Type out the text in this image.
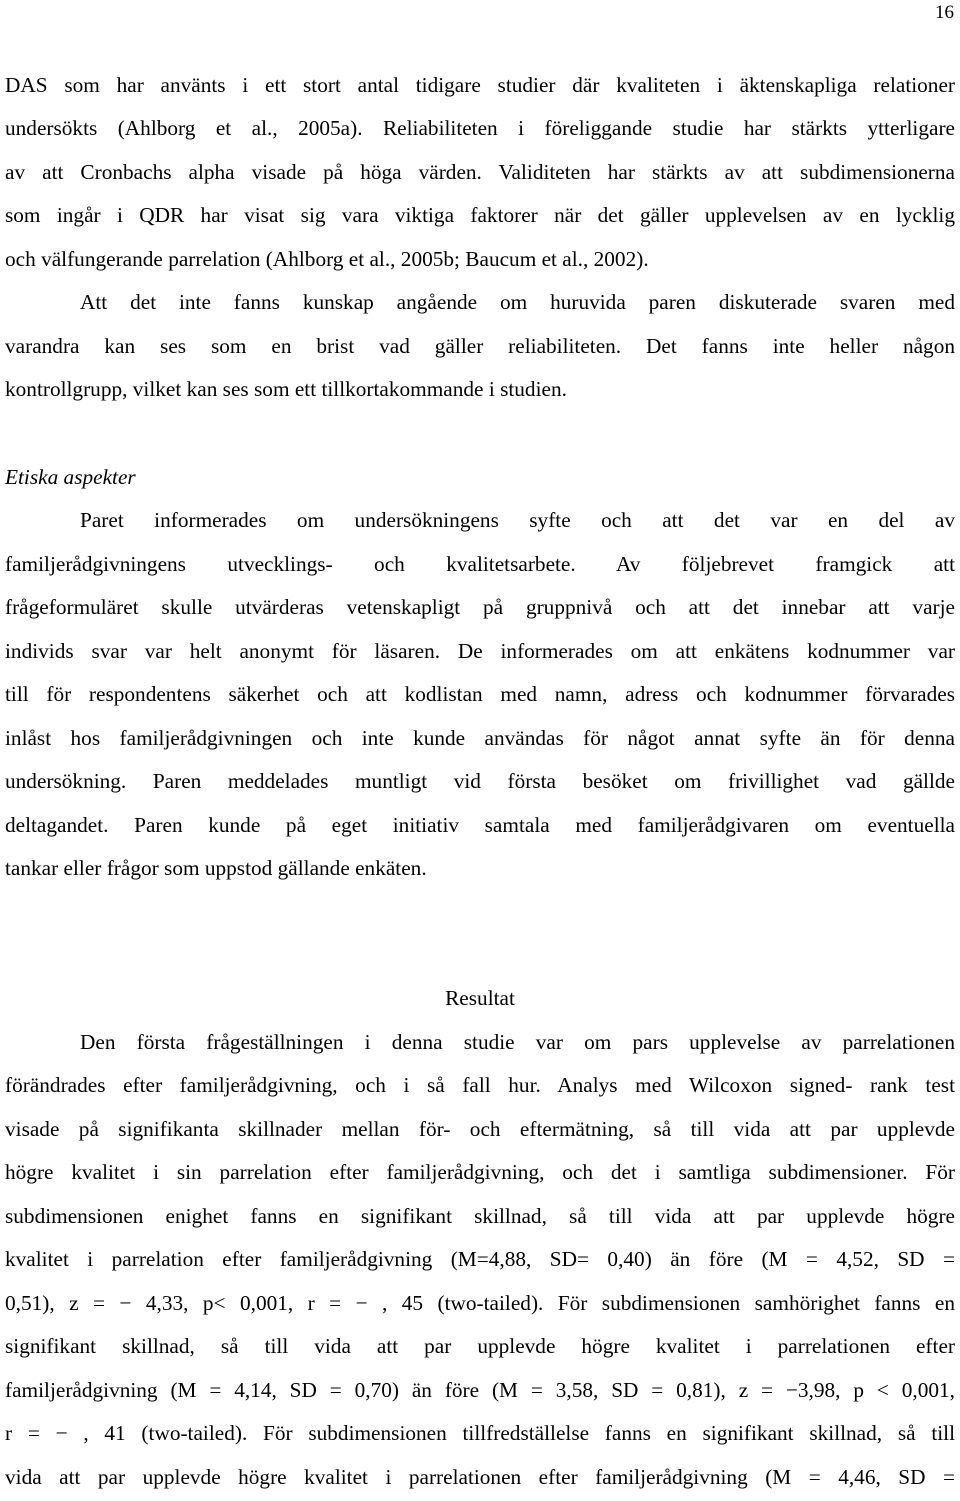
16
DAS som har använts i ett stort antal tidigare studier där kvaliteten i äktenskapliga relationer
undersökts (Ahlborg et al., 2005a). Reliabiliteten i föreliggande studie har stärkts ytterligare
av att Cronbachs alpha visade på höga värden. Validiteten har stärkts av att subdimensionerna
som ingår i QDR har visat sig vara viktiga faktorer när det gäller upplevelsen av en lycklig
och välfungerande parrelation (Ahlborg et al., 2005b; Baucum et al., 2002).
Att det inte fanns kunskap angående om huruvida paren diskuterade svaren med
varandra kan ses som en brist vad gäller reliabiliteten. Det fanns inte heller någon
kontrollgrupp, vilket kan ses som ett tillkortakommande i studien.
Etiska aspekter
Paret informerades om undersökningens syfte och att det var en del av
familjerådgivningens utvecklings- och kvalitetsarbete. Av följebrevet framgick att
frågeformuläret skulle utvärderas vetenskapligt på gruppnivå och att det innebar att varje
individs svar var helt anonymt för läsaren. De informerades om att enkätens kodnummer var
till för respondentens säkerhet och att kodlistan med namn, adress och kodnummer förvarades
inlåst hos familjerådgivningen och inte kunde användas för något annat syfte än för denna
undersökning. Paren meddelades muntligt vid första besöket om frivillighet vad gällde
deltagandet. Paren kunde på eget initiativ samtala med familjerådgivaren om eventuella
tankar eller frågor som uppstod gällande enkäten.
Resultat
Den första frågeställningen i denna studie var om pars upplevelse av parrelationen
förändrades efter familjerådgivning, och i så fall hur. Analys med Wilcoxon signed- rank test
visade på signifikanta skillnader mellan för- och eftermätning, så till vida att par upplevde
högre kvalitet i sin parrelation efter familjerådgivning, och det i samtliga subdimensioner. För
subdimensionen enighet fanns en signifikant skillnad, så till vida att par upplevde högre
kvalitet i parrelation efter familjerådgivning (M=4,88, SD= 0,40) än före (M = 4,52, SD =
0,51), z = − 4,33, p< 0,001, r = − , 45 (two-tailed). För subdimensionen samhörighet fanns en
signifikant skillnad, så till vida att par upplevde högre kvalitet i parrelationen efter
familjerådgivning (M = 4,14, SD = 0,70) än före (M = 3,58, SD = 0,81), z = −3,98, p < 0,001,
r = − , 41 (two-tailed). För subdimensionen tillfredställelse fanns en signifikant skillnad, så till
vida att par upplevde högre kvalitet i parrelationen efter familjerådgivning (M = 4,46, SD =
